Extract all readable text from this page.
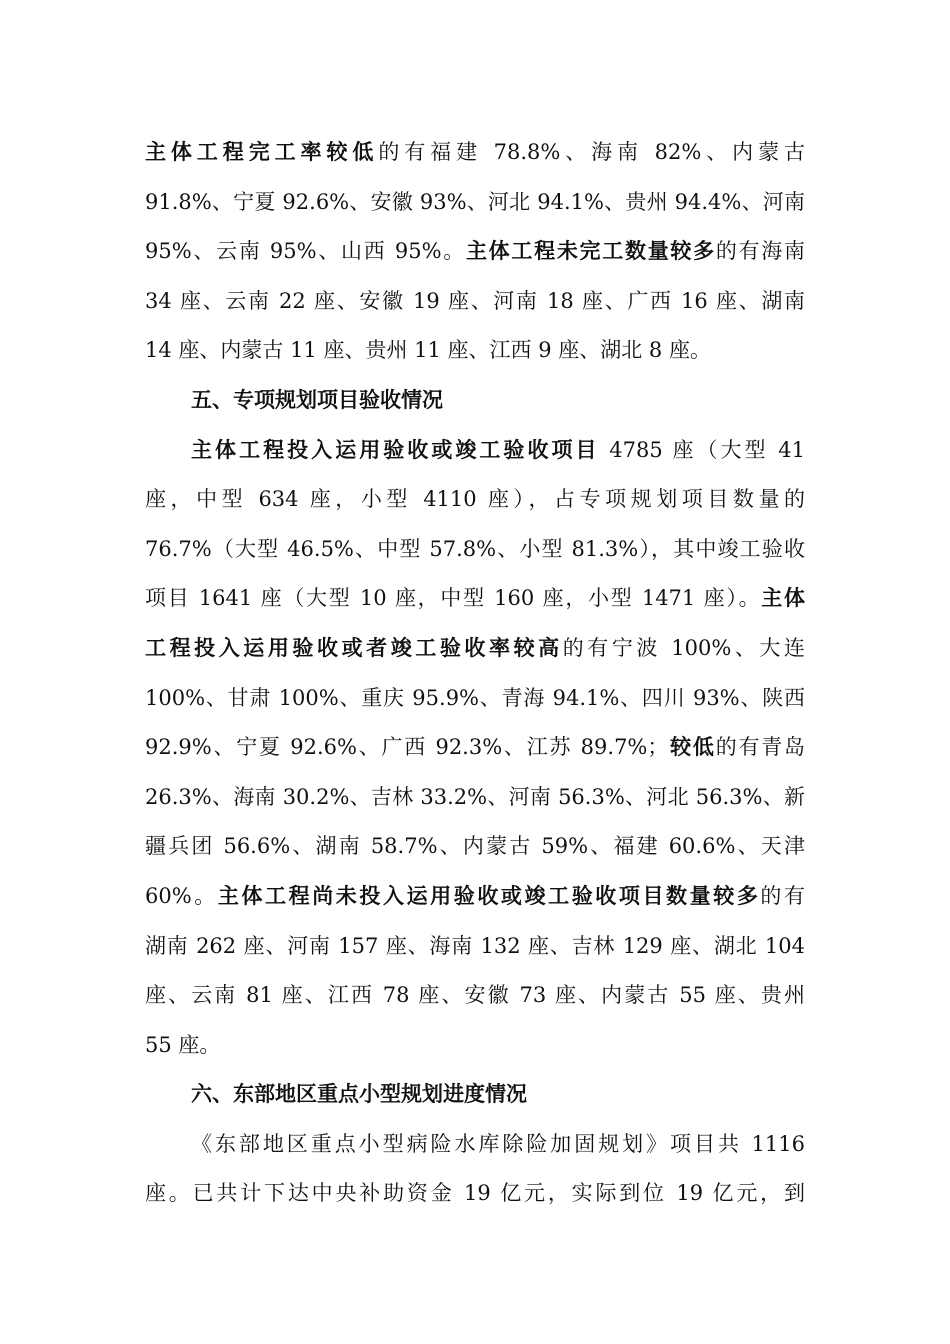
主体工程完工率较低的有福建 78.8%、海南 82%、内蒙古
91.8%、宁夏 92.6%、安徽 93%、河北 94.1%、贵州 94.4%、河南
95%、云南 95%、山西 95%。主体工程未完工数量较多的有海南
34 座、云南 22 座、安徽 19 座、河南 18 座、广西 16 座、湖南
14 座、内蒙古 11 座、贵州 11 座、江西 9 座、湖北 8 座。
五、专项规划项目验收情况
主体工程投入运用验收或竣工验收项目 4785 座（大型 41
座，中型 634 座，小型 4110 座），占专项规划项目数量的
76.7%（大型 46.5%、中型 57.8%、小型 81.3%），其中竣工验收
项目 1641 座（大型 10 座，中型 160 座，小型 1471 座）。主体
工程投入运用验收或者竣工验收率较高的有宁波 100%、大连
100%、甘肃 100%、重庆 95.9%、青海 94.1%、四川 93%、陕西
92.9%、宁夏 92.6%、广西 92.3%、江苏 89.7%；较低的有青岛
26.3%、海南 30.2%、吉林 33.2%、河南 56.3%、河北 56.3%、新
疆兵团 56.6%、湖南 58.7%、内蒙古 59%、福建 60.6%、天津
60%。主体工程尚未投入运用验收或竣工验收项目数量较多的有
湖南 262 座、河南 157 座、海南 132 座、吉林 129 座、湖北 104
座、云南 81 座、江西 78 座、安徽 73 座、内蒙古 55 座、贵州
55 座。
六、东部地区重点小型规划进度情况
《东部地区重点小型病险水库除险加固规划》项目共 1116
座。已共计下达中央补助资金 19 亿元，实际到位 19 亿元，到
